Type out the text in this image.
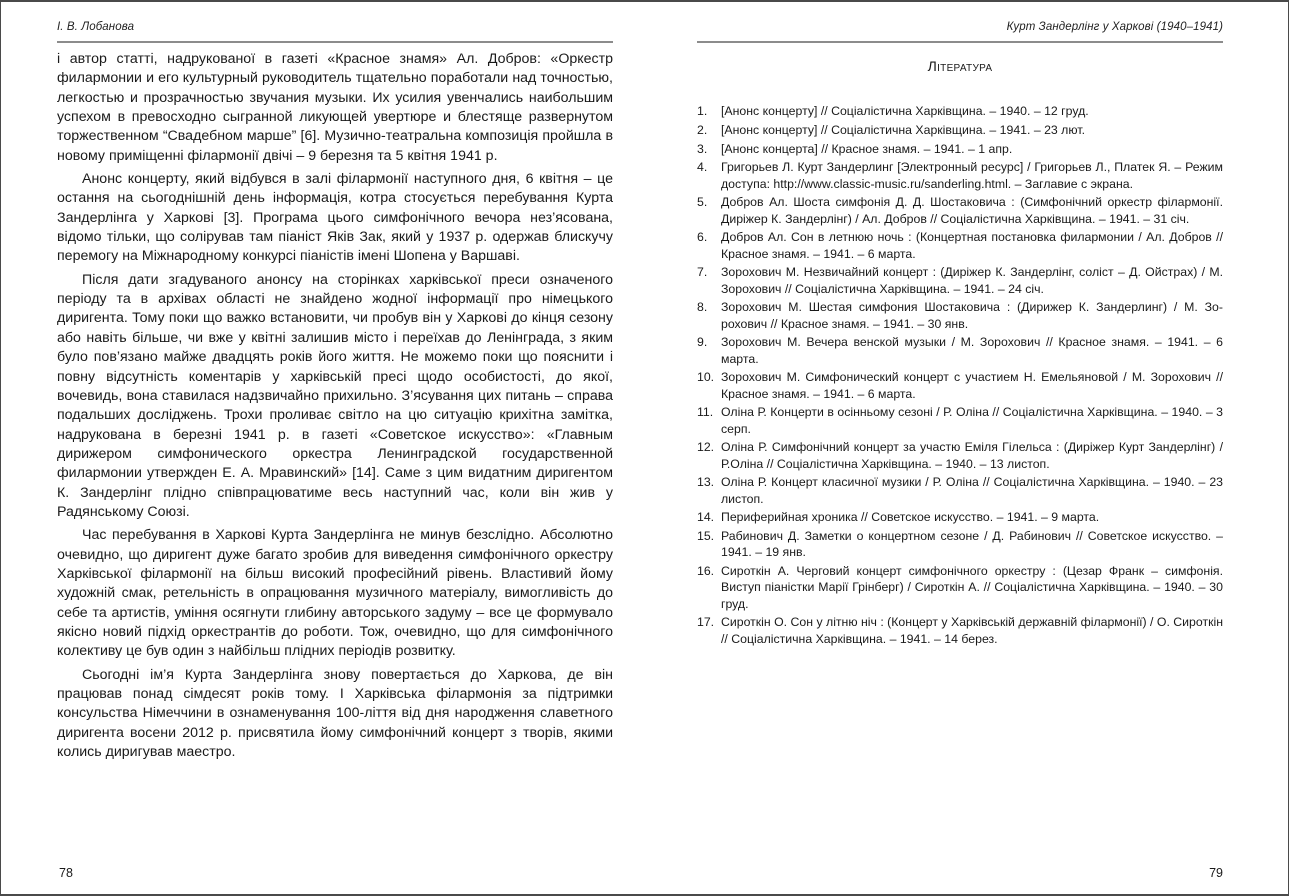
І. В. Лобанова

і автор статті, надрукованої в газеті «Красное знамя» Ал. Добров: «Оркестр филармонии и его культурный руководитель тщательно поработали над точностью, легкостью и прозрачностью звучания музыки. Их усилия увенчались наибольшим успехом в превосходно сыгранной ликующей увертюре и блестяще развернутом торжественном “Свадебном марше” [6]. Музично-театральна композиція пройшла в новому приміщенні філармонії двічі – 9 березня та 5 квітня 1941 р.

Анонс концерту, який відбувся в залі філармонії наступного дня, 6 квітня – це остання на сьогоднішній день інформація, котра стосується перебування Курта Зандерлінга у Харкові [3]. Програма цього симфонічного вечора нез’ясована, відомо тільки, що солірував там піаніст Яків Зак, який у 1937 р. одержав блискучу перемогу на Міжнародному конкурсі піаністів імені Шопена у Варшаві.

Після дати згадуваного анонсу на сторінках харківської преси означеного періоду та в архівах області не знайдено жодної інформації про німецького диригента. Тому поки що важко встановити, чи пробув він у Харкові до кінця сезону або навіть більше, чи вже у квітні залишив місто і переїхав до Ленінграда, з яким було пов’язано майже двадцять років його життя. Не можемо поки що пояснити і повну відсутність коментарів у харківській пресі щодо особистості, до якої, вочевидь, вона ставилася надзвичайно прихильно. З’ясування цих питань – справа подальших досліджень. Трохи проливає світло на цю ситуацію крихітна замітка, надрукована в березні 1941 р. в газеті «Советское искусство»: «Главным дирижером симфонического оркестра Ленинградской государственной филармонии утвержден Е. А. Мравинский» [14]. Саме з цим видатним диригентом К. Зандерлінг плідно співпрацюватиме весь наступний час, коли він жив у Радянському Союзі.

Час перебування в Харкові Курта Зандерлінга не минув безслідно. Абсолютно очевидно, що диригент дуже багато зробив для виведення симфонічного оркестру Харківської філармонії на більш високий професійний рівень. Властивий йому художній смак, ретельність в опрацювання музичного матеріалу, вимогливість до себе та артистів, уміння осягнути глибину авторського задуму – все це формувало якісно новий підхід оркестрантів до роботи. Тож, очевидно, що для симфонічного колективу це був один з найбільш плідних періодів розвитку.

Сьогодні ім’я Курта Зандерлінга знову повертається до Харкова, де він працював понад сімдесят років тому. І Харківська філармонія за підтримки консульства Німеччини в ознаменування 100-ліття від дня народження славетного диригента восени 2012 р. присвятила йому симфонічний концерт з творів, якими колись диригував маестро.

78
Курт Зандерлінг у Харкові (1940–1941)
Література
1. [Анонс концерту] // Соціалістична Харківщина. – 1940. – 12 груд.
2. [Анонс концерту] // Соціалістична Харківщина. – 1941. – 23 лют.
3. [Анонс концерта] // Красное знамя. – 1941. – 1 апр.
4. Григорьев Л. Курт Зандерлинг [Электронный ресурс] / Григорьев Л., Платек Я. – Режим доступа: http://www.classic-music.ru/sanderling.html. – Заглавие с экрана.
5. Добров Ал. Шоста симфонія Д. Д. Шостаковича : (Симфонічний оркестр філармонії. Диріжер К. Зандерлінг) / Ал. Добров // Соціалістична Харківщина. – 1941. – 31 січ.
6. Добров Ал. Сон в летнюю ночь : (Концертная постановка филармонии / Ал. Добров // Красное знамя. – 1941. – 6 марта.
7. Зорохович М. Незвичайний концерт : (Диріжер К. Зандерлінг, соліст – Д. Ойстрах) / М. Зорохович // Соціалістична Харківщина. – 1941. – 24 січ.
8. Зорохович М. Шестая симфония Шостаковича : (Дирижер К. Зандерлинг) / М. Зорохович // Красное знамя. – 1941. – 30 янв.
9. Зорохович М. Вечера венской музыки / М. Зорохович // Красное знамя. – 1941. – 6 марта.
10. Зорохович М. Симфонический концерт с участием Н. Емельяновой / М. Зорохович // Красное знамя. – 1941. – 6 марта.
11. Оліна Р. Концерти в осінньому сезоні / Р. Оліна // Соціалістична Харківщина. – 1940. – 3 серп.
12. Оліна Р. Симфонічний концерт за участю Еміля Гілельса : (Диріжер Курт Зандерлінг) / Р.Оліна // Соціалістична Харківщина. – 1940. – 13 листоп.
13. Оліна Р. Концерт класичної музики / Р. Оліна // Соціалістична Харківщина. – 1940. – 23 листоп.
14. Периферийная хроника // Советское искусство. – 1941. – 9 марта.
15. Рабинович Д. Заметки о концертном сезоне / Д. Рабинович // Советское искусство. – 1941. – 19 янв.
16. Сироткін А. Черговий концерт симфонічного оркестру : (Цезар Франк – симфонія. Виступ піаністки Марії Грінберг) / Сироткін А. // Соціалістична Харківщина. – 1940. – 30 груд.
17. Сироткін О. Сон у літню ніч : (Концерт у Харківській державній філармонії) / О. Сироткін // Соціалістична Харківщина. – 1941. – 14 берез.
79
